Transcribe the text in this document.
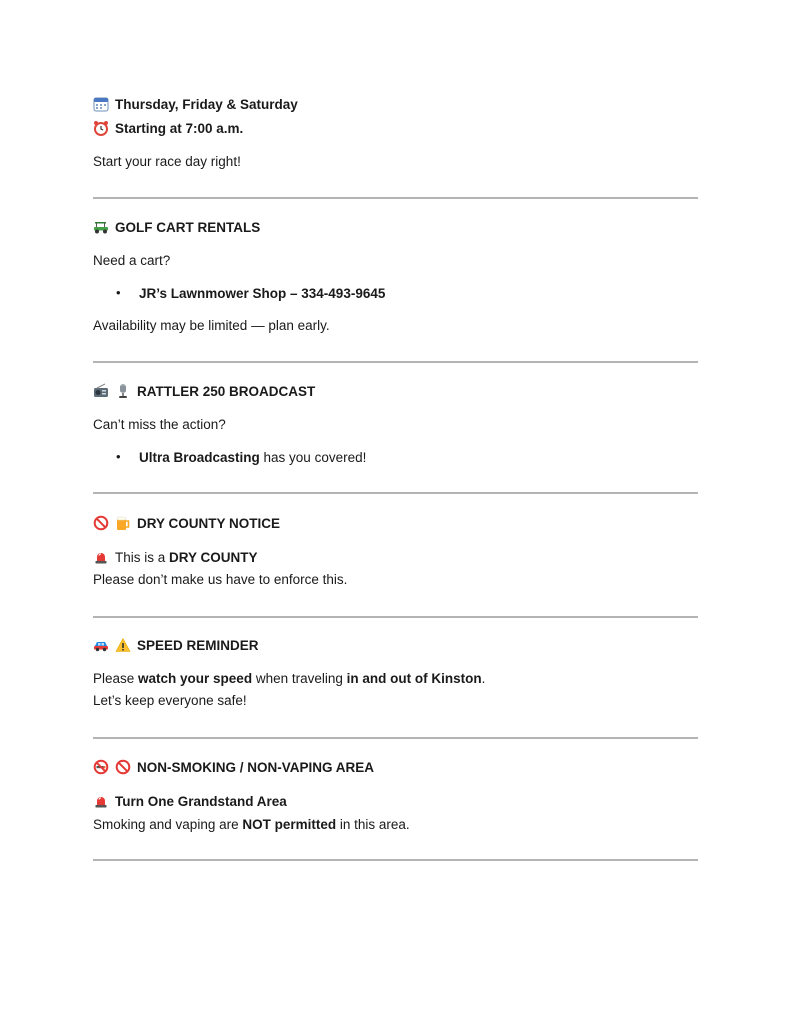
Thursday, Friday & Saturday
Starting at 7:00 a.m.
Start your race day right!
GOLF CART RENTALS
Need a cart?
• JR’s Lawnmower Shop – 334-493-9645
Availability may be limited — plan early.
RATTLER 250 BROADCAST
Can’t miss the action?
• Ultra Broadcasting has you covered!
DRY COUNTY NOTICE
This is a DRY COUNTY
Please don’t make us have to enforce this.
SPEED REMINDER
Please watch your speed when traveling in and out of Kinston.
Let’s keep everyone safe!
NON-SMOKING / NON-VAPING AREA
Turn One Grandstand Area
Smoking and vaping are NOT permitted in this area.
